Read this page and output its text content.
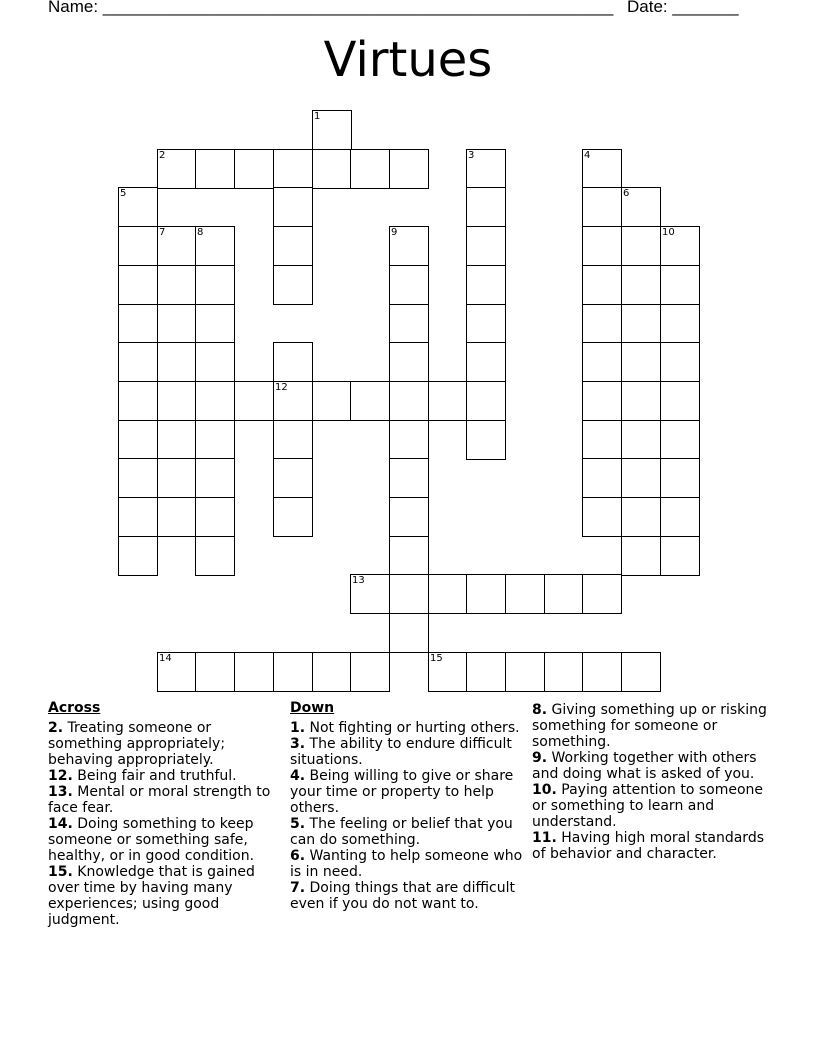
Name: ______________________________________________________ Date: _______
Virtues
2	3	4
5	6
7	8	9	10
12
13
14	15
1
Across
2. Treating someone or something appropriately; behaving appropriately.
12. Being fair and truthful.
13. Mental or moral strength to face fear.
14. Doing something to keep someone or something safe, healthy, or in good condition.
15. Knowledge that is gained over time by having many experiences; using good judgment.
Down
1. Not fighting or hurting others.
3. The ability to endure difficult situations.
4. Being willing to give or share your time or property to help others.
5. The feeling or belief that you can do something.
6. Wanting to help someone who is in need.
7. Doing things that are difficult even if you do not want to.
8. Giving something up or risking something for someone or something.
9. Working together with others and doing what is asked of you.
10. Paying attention to someone or something to learn and understand.
11. Having high moral standards of behavior and character.
